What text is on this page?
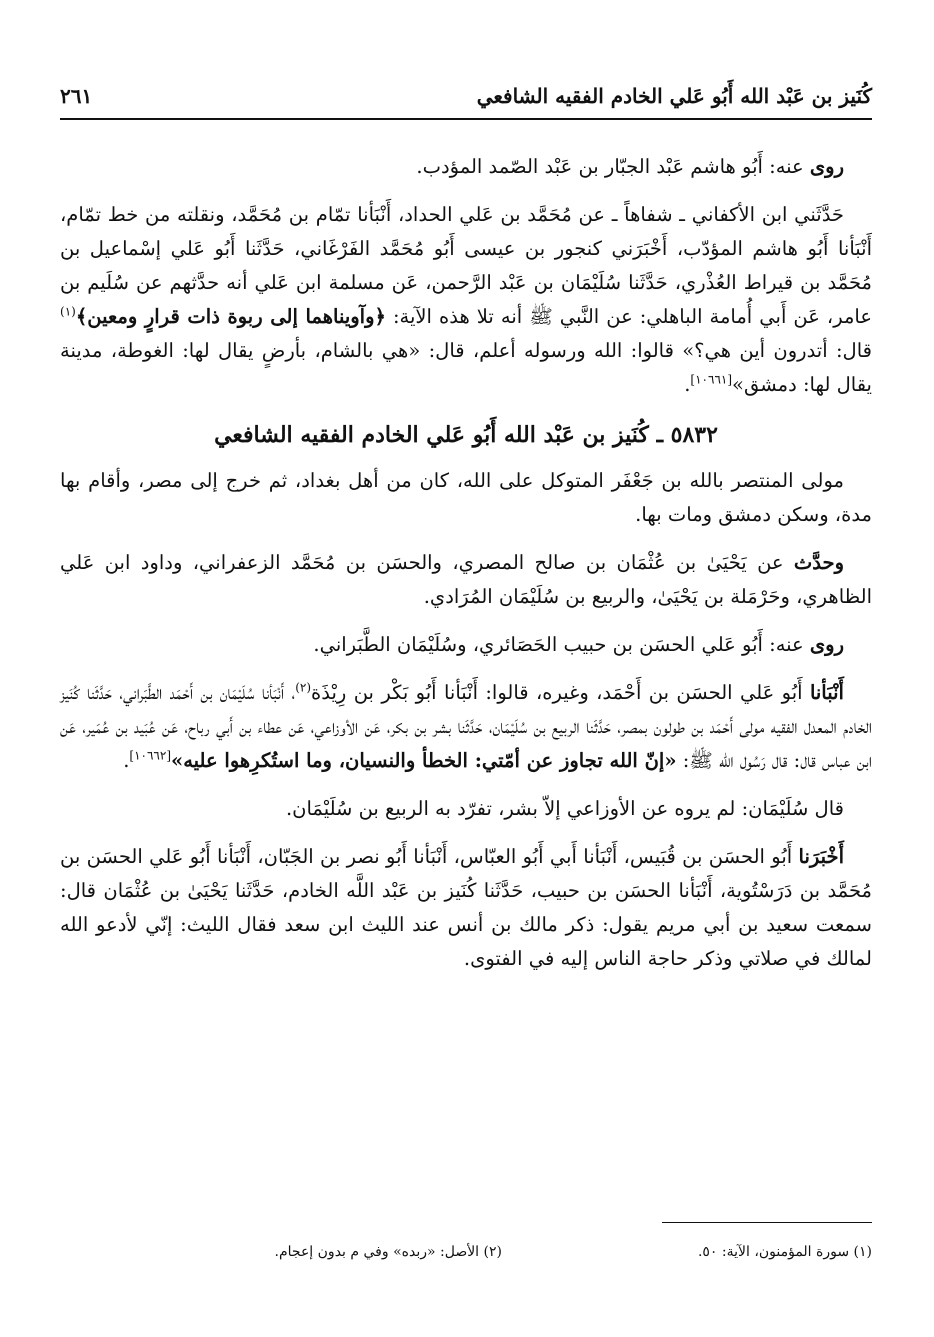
كُنَيز بن عَبْد الله أَبُو عَلي الخادم الفقيه الشافعي
٢٦١

روى عنه: أَبُو هاشم عَبْد الجبّار بن عَبْد الصّمد المؤدب.

حَدَّثَني ابن الأكفاني ـ شفاهاً ـ عن مُحَمَّد بن عَلي الحداد، أَنْبَأنا تمّام بن مُحَمَّد، ونقلته من خط تمّام، أَنْبَأنا أَبُو هاشم المؤدّب، أَخْبَرَني كنجور بن عيسى أَبُو مُحَمَّد الفَرْغَاني، حَدَّثَنا أَبُو عَلي إسْماعيل بن مُحَمَّد بن قيراط العُذْري، حَدَّثَنا سُلَيْمَان بن عَبْد الرَّحمن، عَن مسلمة ابن عَلي أنه حدَّثهم عن سُلَيم بن عامر، عَن أَبي أُمامة الباهلي: عن النَّبي ﷺ أنه تلا هذه الآية: ﴿وآويناهما إلى ربوة ذات قرارٍ ومعين﴾$^{(١)}$ قال: أتدرون أين هي؟» قالوا: الله ورسوله أعلم، قال: «هي بالشام، بأرضٍ يقال لها: الغوطة، مدينة يقال لها: دمشق»[١٠٦٦١].

٥٨٣٢ ـ كُنَيز بن عَبْد الله أَبُو عَلي الخادم الفقيه الشافعي

مولى المنتصر بالله بن جَعْفَر المتوكل على الله، كان من أهل بغداد، ثم خرج إلى مصر، وأقام بها مدة، وسكن دمشق ومات بها.

وحدَّث عن يَحْيَىٰ بن عُثْمَان بن صالح المصري، والحسَن بن مُحَمَّد الزعفراني، وداود ابن عَلي الظاهري، وحَرْمَلة بن يَحْيَىٰ، والربيع بن سُلَيْمَان المُرَادي.

روى عنه: أَبُو عَلي الحسَن بن حبيب الحَصَائري، وسُلَيْمَان الطَّبَراني.

أَنْبَأنا أَبُو عَلي الحسَن بن أَحْمَد، وغيره، قالوا: أَنْبَأنا أَبُو بَكْر بن رِيْذَة$^{(٢)}$، أَنْبَأنا سُلَيْمَان بن أَحْمَد الطَّبَراني، حَدَّثَنا كُنَيز الخادم المعدل الفقيه مولى أَحْمَد بن طولون بمصر، حَدَّثَنا الربيع بن سُلَيْمَان، حَدَّثَنا بشر بن بكر، عَن الأوزاعي، عَن عطاء بن أَبي رباح، عَن عُبَيد بن عُمَير، عَن ابن عباس قال: قال رَسُول الله ﷺ: «إنّ الله تجاوز عن أمّتي: الخطأ والنسيان، وما استُكرِهوا عليه»[١٠٦٦٢].

قال سُلَيْمَان: لم يروه عن الأوزاعي إلاّ بشر، تفرّد به الربيع بن سُلَيْمَان.

أَخْبَرَنا أَبُو الحسَن بن قُبَيس، أَنْبَأنا أَبي أَبُو العبّاس، أَنْبَأنا أَبُو نصر بن الجَبّان، أَنْبَأنا أَبُو عَلي الحسَن بن مُحَمَّد بن دَرَسْتُوية، أَنْبَأنا الحسَن بن حبيب، حَدَّثَنا كُنَيز بن عَبْد اللَّه الخادم، حَدَّثَنا يَحْيَىٰ بن عُثْمَان قال: سمعت سعيد بن أبي مريم يقول: ذكر مالك بن أنس عند الليث ابن سعد فقال الليث: إنّي لأدعو الله لمالك في صلاتي وذكر حاجة الناس إليه في الفتوى.

(١) سورة المؤمنون، الآية: ٥٠.
(٢) الأصل: «ربده» وفي م بدون إعجام.
